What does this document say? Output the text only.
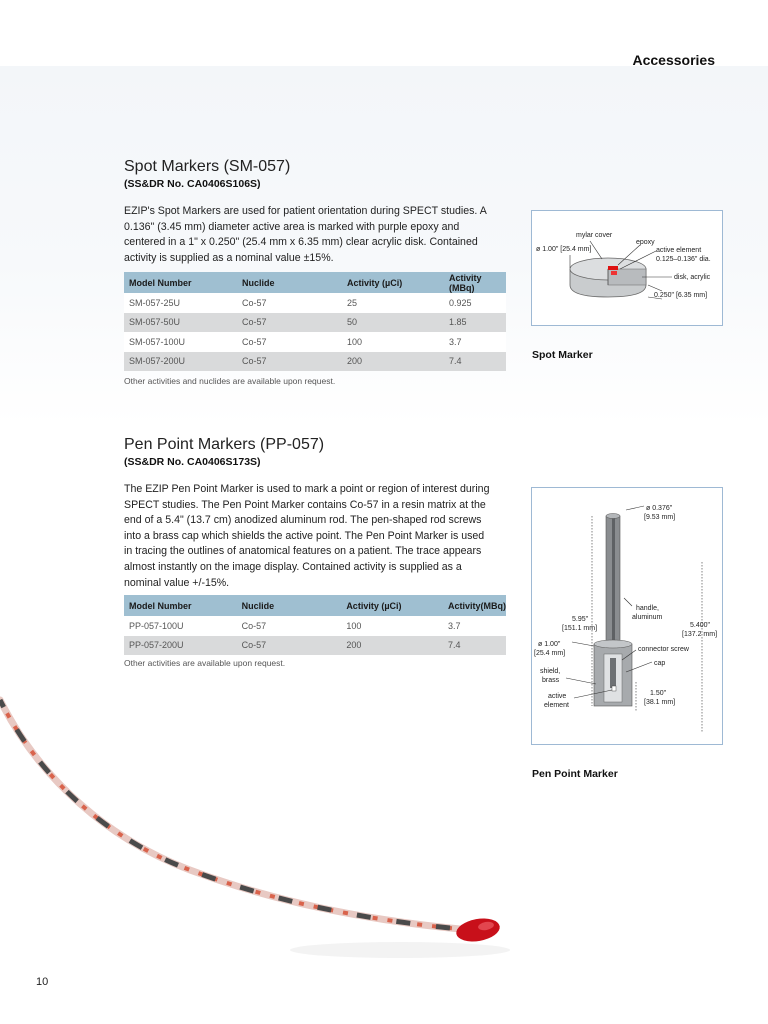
Accessories
Spot Markers (SM-057)
(SS&DR No. CA0406S106S)
EZIP's Spot Markers are used for patient orientation during SPECT studies. A 0.136" (3.45 mm) diameter active area is marked with purple epoxy and centered in a 1" x 0.250" (25.4 mm x 6.35 mm) clear acrylic disk. Contained activity is supplied as a nominal value ±15%.
Model Number	Nuclide	Activity (µCi)	Activity (MBq)
SM-057-25U	Co-57	25	0.925
SM-057-50U	Co-57	50	1.85
SM-057-100U	Co-57	100	3.7
SM-057-200U	Co-57	200	7.4
Other activities and nuclides are available upon request.
mylar cover
epoxy
ø 1.00" [25.4 mm]	active element
0.125–0.136" dia.
disk, acrylic
0.250" [6.35 mm]
Spot Marker
Pen Point Markers (PP-057)
(SS&DR No. CA0406S173S)
The EZIP Pen Point Marker is used to mark a point or region of interest during SPECT studies. The Pen Point Marker contains Co-57 in a resin matrix at the end of a 5.4" (13.7 cm) anodized aluminum rod. The pen-shaped rod screws into a brass cap which shields the active point. The Pen Point Marker is used in tracing the outlines of anatomical features on a patient. The trace appears almost instantly on the image display. Contained activity is supplied as a nominal value +/-15%.
Model Number	Nuclide	Activity (µCi)	Activity(MBq)
PP-057-100U	Co-57	100	3.7
PP-057-200U	Co-57	200	7.4
Other activities are available upon request.
ø 0.376"
[9.53 mm]
handle,
aluminum
5.95"
[151.1 mm]	5.400"
[137.2 mm]
ø 1.00"
[25.4 mm]
connector screw
cap
shield,
brass
1.50"
[38.1 mm]
active
element
Pen Point Marker
10
